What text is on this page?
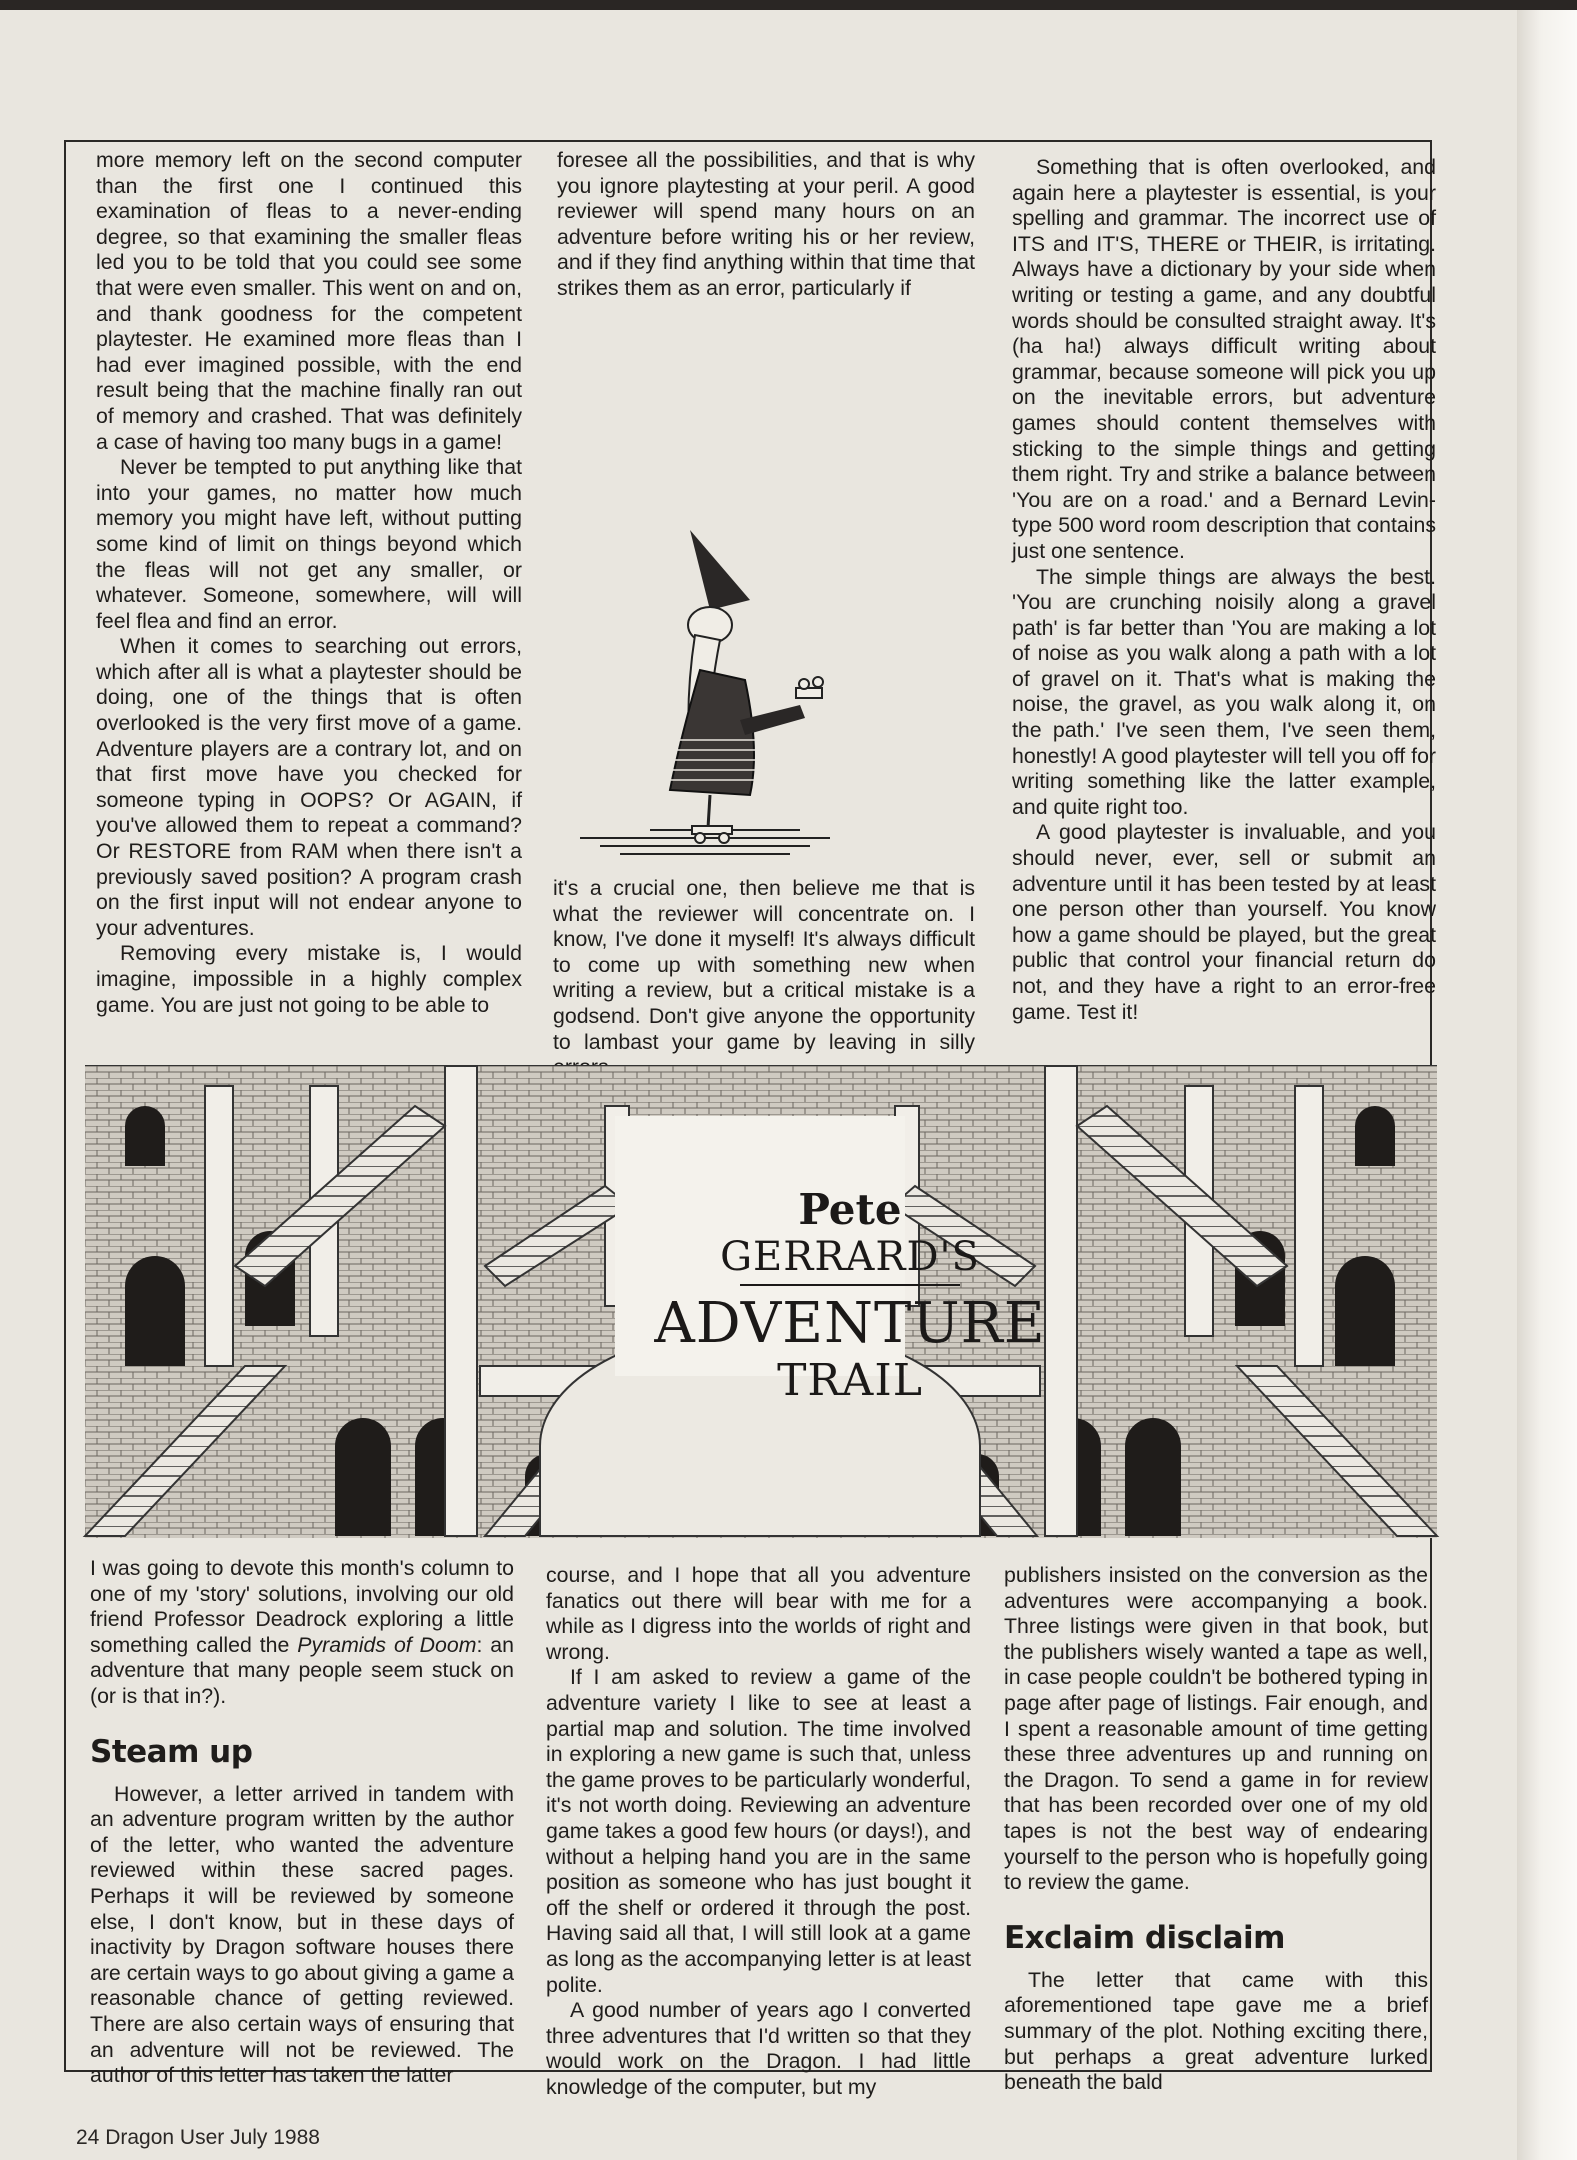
more memory left on the second computer than the first one I continued this examination of fleas to a never-ending degree, so that examining the smaller fleas led you to be told that you could see some that were even smaller. This went on and on, and thank goodness for the competent playtester. He examined more fleas than I had ever imagined possible, with the end result being that the machine finally ran out of memory and crashed. That was definitely a case of having too many bugs in a game!

Never be tempted to put anything like that into your games, no matter how much memory you might have left, without putting some kind of limit on things beyond which the fleas will not get any smaller, or whatever. Someone, somewhere, will will feel flea and find an error.

When it comes to searching out errors, which after all is what a playtester should be doing, one of the things that is often overlooked is the very first move of a game. Adventure players are a contrary lot, and on that first move have you checked for someone typing in OOPS? Or AGAIN, if you've allowed them to repeat a command? Or RESTORE from RAM when there isn't a previously saved position? A program crash on the first input will not endear anyone to your adventures.

Removing every mistake is, I would imagine, impossible in a highly complex game. You are just not going to be able to

foresee all the possibilities, and that is why you ignore playtesting at your peril. A good reviewer will spend many hours on an adventure before writing his or her review, and if they find anything within that time that strikes them as an error, particularly if

it's a crucial one, then believe me that is what the reviewer will concentrate on. I know, I've done it myself! It's always difficult to come up with something new when writing a review, but a critical mistake is a godsend. Don't give anyone the opportunity to lambast your game by leaving in silly

Something that is often overlooked, and again here a playtester is essential, is your spelling and grammar. The incorrect use of ITS and IT'S, THERE or THEIR, is irritating. Always have a dictionary by your side when writing or testing a game, and any doubtful words should be consulted straight away. It's (ha ha!) always difficult writing about grammar, because someone will pick you up on the inevitable errors, but adventure games should content themselves with sticking to the simple things and getting them right. Try and strike a balance between 'You are on a road.' and a Bernard Levin-type 500 word room description that contains just one sentence.

The simple things are always the best. 'You are crunching noisily along a gravel path' is far better than 'You are making a lot of noise as you walk along a path with a lot of gravel on it. That's what is making the noise, the gravel, as you walk along it, on the path.' I've seen them, I've seen them, honestly! A good playtester will tell you off for writing something like the latter example, and quite right too.

A good playtester is invaluable, and you should never, ever, sell or submit an adventure until it has been tested by at least one person other than yourself. You know how a game should be played, but the great public that control your financial return do not, and they have a right to an error-free game. Test it!

Pete
GERRARD'S
ADVENTURE
TRAIL

I was going to devote this month's column to one of my 'story' solutions, involving our old friend Professor Deadrock exploring a little something called the Pyramids of Doom: an adventure that many people seem stuck on (or is that in?).

Steam up

However, a letter arrived in tandem with an adventure program written by the author of the letter, who wanted the adventure reviewed within these sacred pages. Perhaps it will be reviewed by someone else, I don't know, but in these days of inactivity by Dragon software houses there are certain ways to go about giving a game a reasonable chance of getting reviewed. There are also certain ways of ensuring that an adventure will not be reviewed. The author of this letter has taken the latter

course, and I hope that all you adventure fanatics out there will bear with me for a while as I digress into the worlds of right and wrong.

If I am asked to review a game of the adventure variety I like to see at least a partial map and solution. The time involved in exploring a new game is such that, unless the game proves to be particularly wonderful, it's not worth doing. Reviewing an adventure game takes a good few hours (or days!), and without a helping hand you are in the same position as someone who has just bought it off the shelf or ordered it through the post. Having said all that, I will still look at a game as long as the accompanying letter is at least polite.

A good number of years ago I converted three adventures that I'd written so that they would work on the Dragon. I had little knowledge of the computer, but my

publishers insisted on the conversion as the adventures were accompanying a book. Three listings were given in that book, but the publishers wisely wanted a tape as well, in case people couldn't be bothered typing in page after page of listings. Fair enough, and I spent a reasonable amount of time getting these three adventures up and running on the Dragon. To send a game in for review that has been recorded over one of my old tapes is not the best way of endearing yourself to the person who is hopefully going to review the game.

Exclaim disclaim

The letter that came with this aforementioned tape gave me a brief summary of the plot. Nothing exciting there, but perhaps a great adventure lurked beneath the bald

24 Dragon User July 1988
